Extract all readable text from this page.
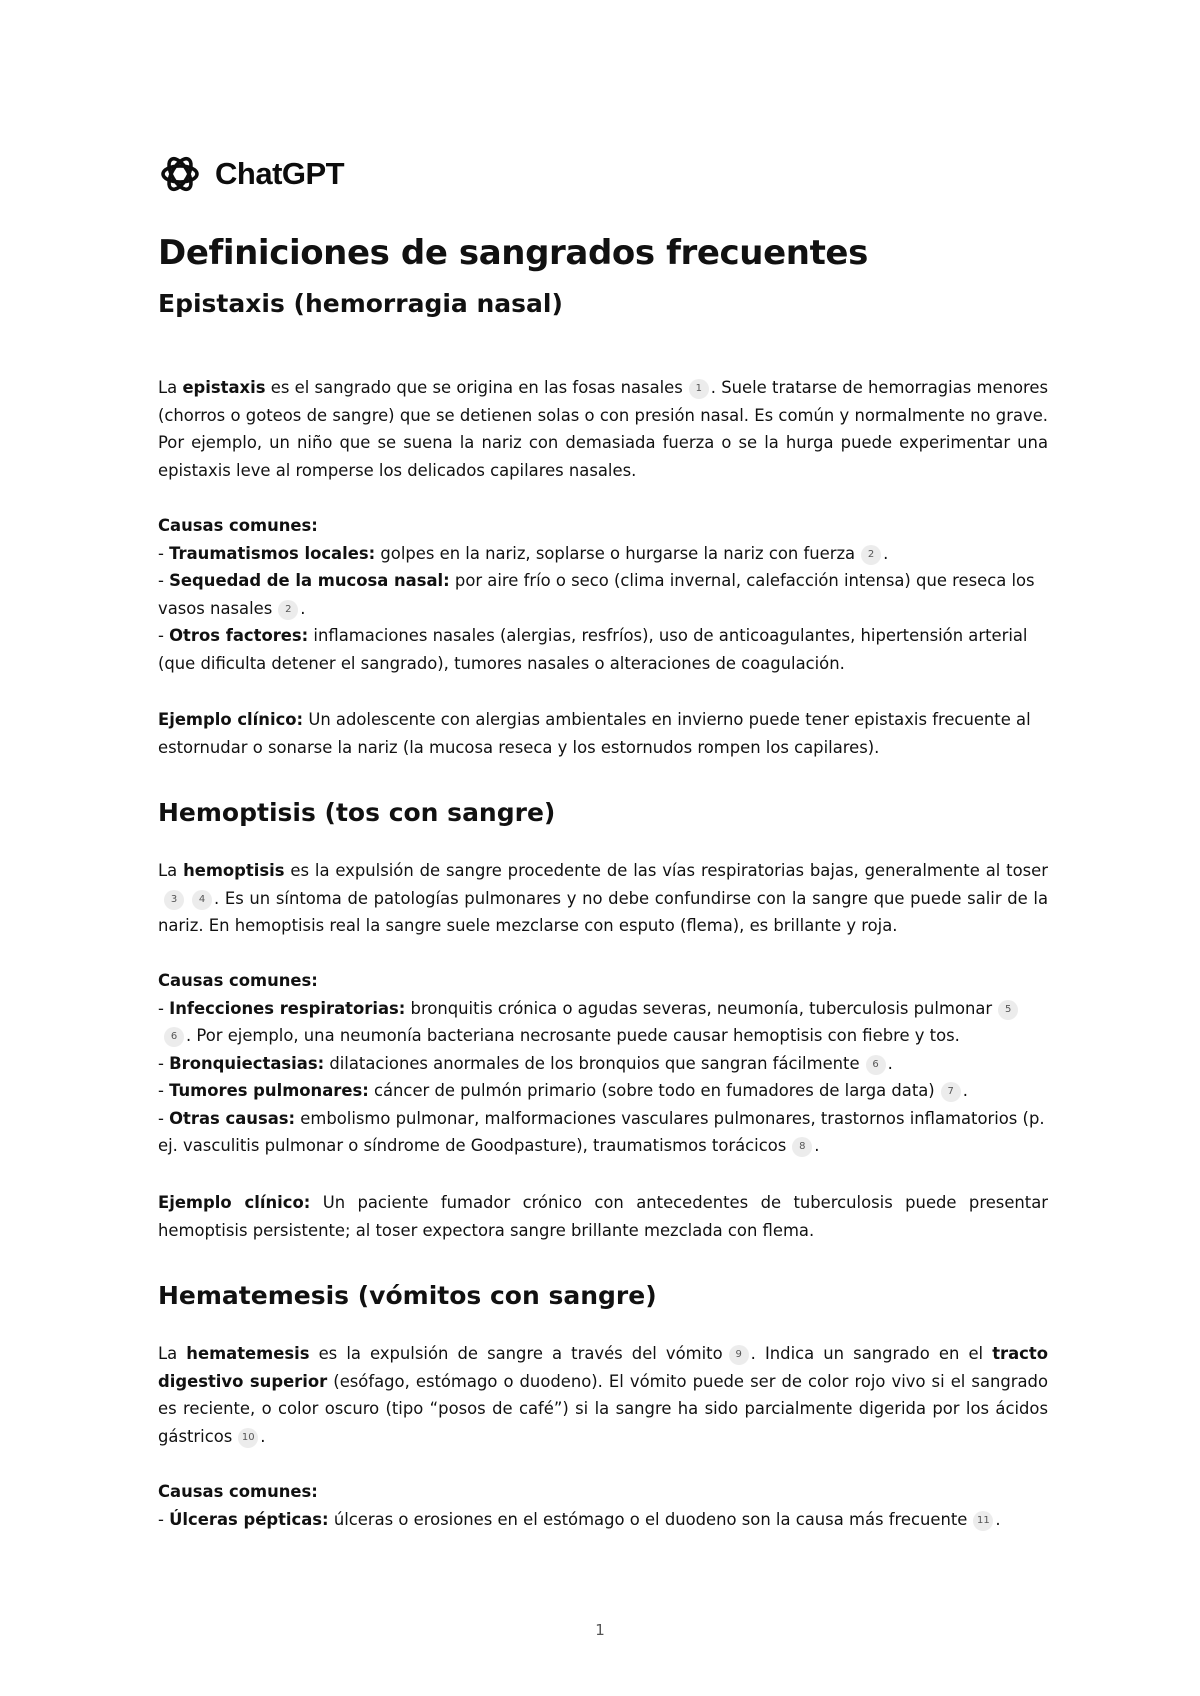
ChatGPT
Definiciones de sangrados frecuentes
Epistaxis (hemorragia nasal)

La epistaxis es el sangrado que se origina en las fosas nasales 1 . Suele tratarse de hemorragias menores (chorros o goteos de sangre) que se detienen solas o con presión nasal. Es común y normalmente no grave. Por ejemplo, un niño que se suena la nariz con demasiada fuerza o se la hurga puede experimentar una epistaxis leve al romperse los delicados capilares nasales.

Causas comunes:

- Traumatismos locales: golpes en la nariz, soplarse o hurgarse la nariz con fuerza 2 .

- Sequedad de la mucosa nasal: por aire frío o seco (clima invernal, calefacción intensa) que reseca los vasos nasales 2 .

- Otros factores: inflamaciones nasales (alergias, resfríos), uso de anticoagulantes, hipertensión arterial (que dificulta detener el sangrado), tumores nasales o alteraciones de coagulación.

Ejemplo clínico: Un adolescente con alergias ambientales en invierno puede tener epistaxis frecuente al estornudar o sonarse la nariz (la mucosa reseca y los estornudos rompen los capilares).

Hemoptisis (tos con sangre)

La hemoptisis es la expulsión de sangre procedente de las vías respiratorias bajas, generalmente al toser3 4 . Es un síntoma de patologías pulmonares y no debe confundirse con la sangre que puede salir de la nariz. En hemoptisis real la sangre suele mezclarse con esputo (flema), es brillante y roja.

Causas comunes:

- Infecciones respiratorias: bronquitis crónica o agudas severas, neumonía, tuberculosis pulmonar 56 . Por ejemplo, una neumonía bacteriana necrosante puede causar hemoptisis con fiebre y tos.

- Bronquiectasias: dilataciones anormales de los bronquios que sangran fácilmente 6 .

- Tumores pulmonares: cáncer de pulmón primario (sobre todo en fumadores de larga data) 7 .

- Otras causas: embolismo pulmonar, malformaciones vasculares pulmonares, trastornos inflamatorios (p. ej. vasculitis pulmonar o síndrome de Goodpasture), traumatismos torácicos 8 .

Ejemplo clínico: Un paciente fumador crónico con antecedentes de tuberculosis puede presentar hemoptisis persistente; al toser expectora sangre brillante mezclada con flema.

Hematemesis (vómitos con sangre)

La hematemesis es la expulsión de sangre a través del vómito 9 . Indica un sangrado en el tracto digestivo superior (esófago, estómago o duodeno). El vómito puede ser de color rojo vivo si el sangrado es reciente, o color oscuro (tipo “posos de café”) si la sangre ha sido parcialmente digerida por los ácidos gástricos 10 .

Causas comunes:

- Úlceras pépticas: úlceras o erosiones en el estómago o el duodeno son la causa más frecuente 11 .

1
